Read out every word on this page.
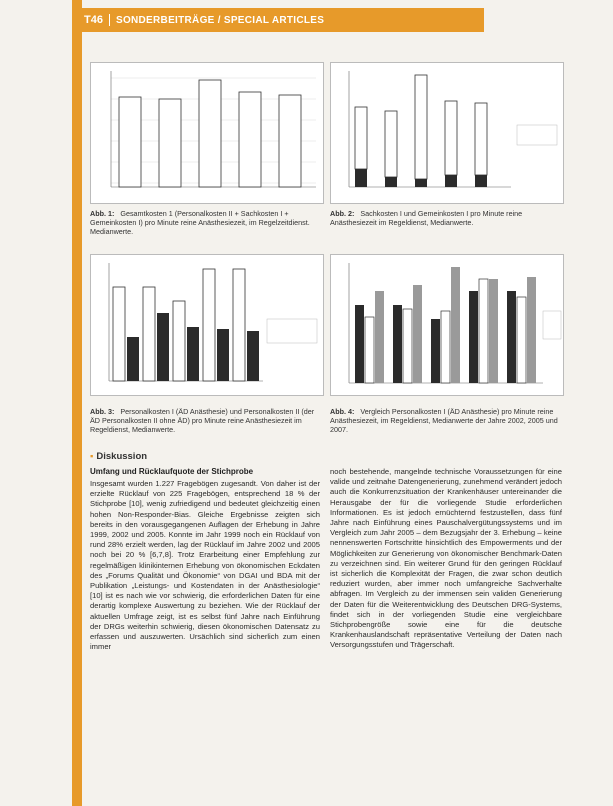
T46 SONDERBEITRÄGE / SPECIAL ARTICLES
Abb. 1: Gesamtkosten 1 (Personalkosten II + Sachkosten I + Gemeinkosten I) pro Minute reine Anästhesiezeit, im Regelzeitdienst. Medianwerte.
Abb. 2: Sachkosten I und Gemeinkosten I pro Minute reine Anästhesiezeit im Regeldienst, Medianwerte.
Abb. 3: Personalkosten I (ÄD Anästhesie) und Personalkosten II (der ÄD Personalkosten II ohne ÄD) pro Minute reine Anästhesiezeit im Regeldienst, Medianwerte.
Abb. 4: Vergleich Personalkosten I (ÄD Anästhesie) pro Minute reine Anästhesiezeit, im Regeldienst, Medianwerte der Jahre 2002, 2005 und 2007.
▪ Diskussion
Umfang und Rücklaufquote der Stichprobe
Insgesamt wurden 1.227 Fragebögen zugesandt. Von daher ist der erzielte Rücklauf von 225 Fragebögen, entsprechend 18 % der Stichprobe [10], wenig zufriedigend und bedeutet gleichzeitig einen hohen Non-Responder-Bias. Gleiche Ergebnisse zeigten sich bereits in den vorausgegangenen Auflagen der Erhebung in Jahre 1999, 2002 und 2005. Konnte im Jahr 1999 noch ein Rücklauf von rund 28% erzielt werden, lag der Rücklauf im Jahre 2002 und 2005 noch bei 20 % [6,7,8]. Trotz Erarbeitung einer Empfehlung zur regelmäßigen klinikinternen Erhebung von ökonomischen Eckdaten des „Forums Qualität und Ökonomie“ von DGAI und BDA mit der Publikation „Leistungs- und Kostendaten in der Anästhesiologie“ [10] ist es nach wie vor schwierig, die erforderlichen Daten für eine derartig komplexe Auswertung zu beziehen. Wie der Rücklauf der aktuellen Umfrage zeigt, ist es selbst fünf Jahre nach Einführung der DRGs weiterhin schwierig, diesen ökonomischen Datensatz zu erfassen und auszuwerten. Ursächlich sind sicherlich zum einen immer
noch bestehende, mangelnde technische Voraussetzungen für eine valide und zeitnahe Datengenerierung, zunehmend verändert jedoch auch die Konkurrenzsituation der Krankenhäuser untereinander die Herausgabe der für die vorliegende Studie erforderlichen Informationen. Es ist jedoch ernüchternd festzustellen, dass fünf Jahre nach Einführung eines Pauschalvergütungssystems und im Vergleich zum Jahr 2005 – dem Bezugsjahr der 3. Erhebung – keine nennenswerten Fortschritte hinsichtlich des Empowerments und der Möglichkeiten zur Generierung von ökonomischer Benchmark-Daten zu verzeichnen sind. Ein weiterer Grund für den geringen Rücklauf ist sicherlich die Komplexität der Fragen, die zwar schon deutlich reduziert wurden, aber immer noch umfangreiche Sachverhalte abfragen. Im Vergleich zu der immensen sein validen Generierung der Daten für die Weiterentwicklung des Deutschen DRG-Systems, findet sich in der vorliegenden Studie eine vergleichbare Stichprobengröße sowie eine für die deutsche Krankenhauslandschaft repräsentative Verteilung der Daten nach Versorgungsstufen und Trägerschaft.
